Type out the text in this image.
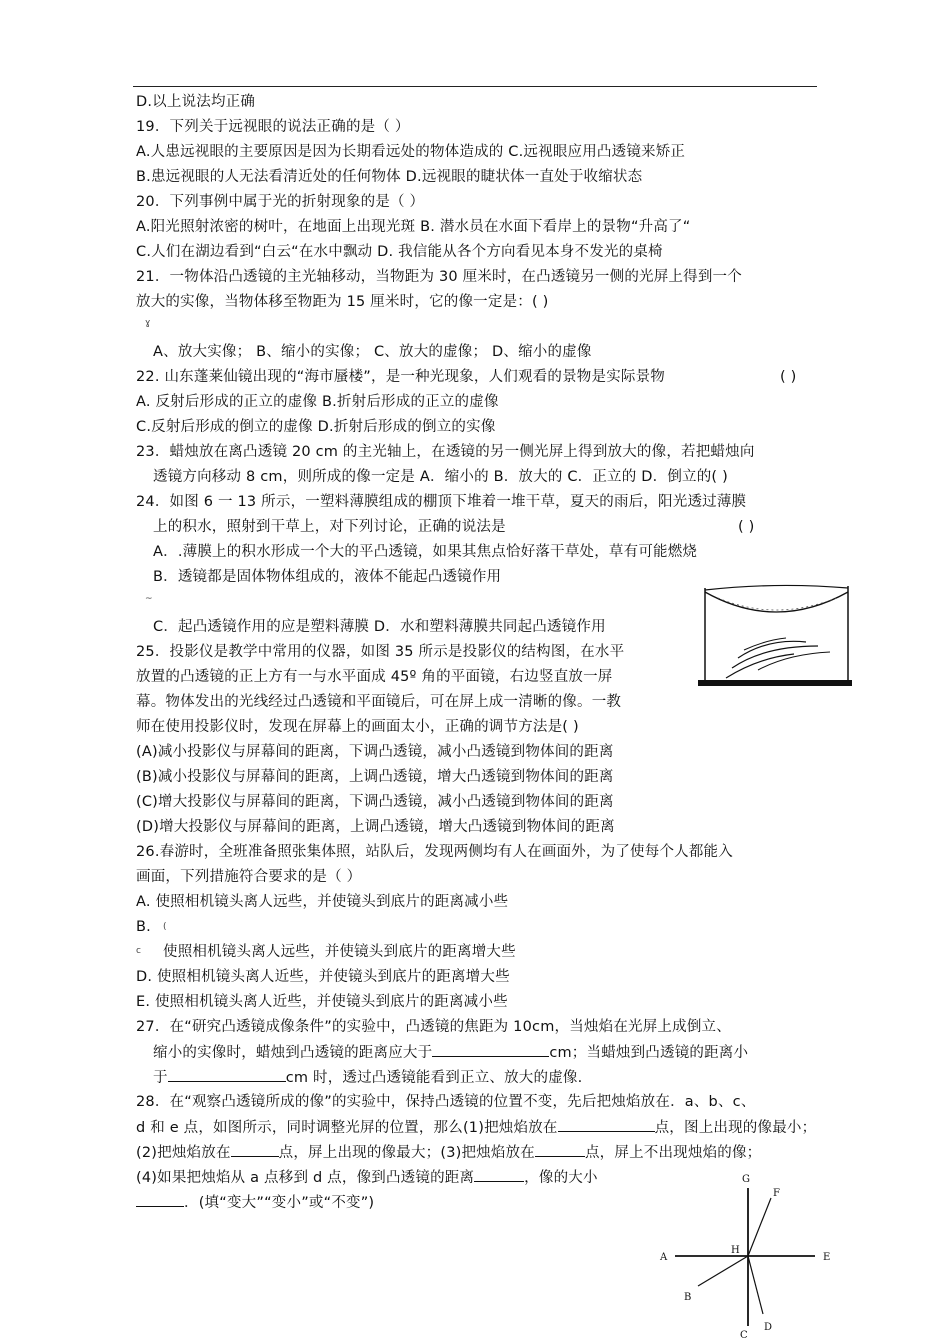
D.以上说法均正确
19．下列关于远视眼的说法正确的是（ ）
A.人患远视眼的主要原因是因为长期看远处的物体造成的 C.远视眼应用凸透镜来矫正
B.患远视眼的人无法看清近处的任何物体 D.远视眼的睫状体一直处于收缩状态
20．下列事例中属于光的折射现象的是（ ）
A.阳光照射浓密的树叶，在地面上出现光斑 B. 潜水员在水面下看岸上的景物“升高了“
C.人们在湖边看到“白云“在水中飘动 D. 我信能从各个方向看见本身不发光的桌椅
21．一物体沿凸透镜的主光轴移动，当物距为 30 厘米时，在凸透镜另一侧的光屏上得到一个
放大的实像，当物体移至物距为 15 厘米时，它的像一定是：( )
ɣ
A、放大实像； B、缩小的实像； C、放大的虚像； D、缩小的虚像
22. 山东蓬莱仙镜出现的“海市蜃楼”，是一种光现象，人们观看的景物是实际景物	( )
A. 反射后形成的正立的虚像 B.折射后形成的正立的虚像
C.反射后形成的倒立的虚像 D.折射后形成的倒立的实像
23．蜡烛放在离凸透镜 20 cm 的主光轴上，在透镜的另一侧光屏上得到放大的像，若把蜡烛向
透镜方向移动 8 cm，则所成的像一定是 A．缩小的 B．放大的 C．正立的 D．倒立的( )
24．如图 6 一 13 所示，一塑料薄膜组成的棚顶下堆着一堆干草，夏天的雨后，阳光透过薄膜
上的积水，照射到干草上，对下列讨论，正确的说法是	( )
A．.薄膜上的积水形成一个大的平凸透镜，如果其焦点恰好落干草处，草有可能燃烧
B．透镜都是固体物体组成的，液体不能起凸透镜作用
~
C．起凸透镜作用的应是塑料薄膜 D．水和塑料薄膜共同起凸透镜作用
25．投影仪是教学中常用的仪器，如图 35 所示是投影仪的结构图，在水平
放置的凸透镜的正上方有一与水平面成 45º 角的平面镜，右边竖直放一屏
幕。物体发出的光线经过凸透镜和平面镜后，可在屏上成一清晰的像。一教
师在使用投影仪时，发现在屏幕上的画面太小，正确的调节方法是( )
(A)减小投影仪与屏幕间的距离，下调凸透镜，减小凸透镜到物体间的距离
(B)减小投影仪与屏幕间的距离，上调凸透镜，增大凸透镜到物体间的距离
(C)增大投影仪与屏幕间的距离，下调凸透镜，减小凸透镜到物体间的距离
(D)增大投影仪与屏幕间的距离，上调凸透镜，增大凸透镜到物体间的距离
26.春游时，全班准备照张集体照，站队后，发现两侧均有人在画面外，为了使每个人都能入
画面，下列措施符合要求的是（ ）
A. 使照相机镜头离人远些，并使镜头到底片的距离减小些
B. (
c 使照相机镜头离人远些，并使镜头到底片的距离增大些
D. 使照相机镜头离人近些，并使镜头到底片的距离增大些
E. 使照相机镜头离人近些，并使镜头到底片的距离减小些
27．在“研究凸透镜成像条件”的实验中，凸透镜的焦距为 10cm，当烛焰在光屏上成倒立、
缩小的实像时，蜡烛到凸透镜的距离应大于	cm；当蜡烛到凸透镜的距离小
于	cm 时，透过凸透镜能看到正立、放大的虚像.
28．在“观察凸透镜所成的像”的实验中，保持凸透镜的位置不变，先后把烛焰放在．a、b、c、
d 和 e 点，如图所示，同时调整光屏的位置，那么(1)把烛焰放在	点，图上出现的像最小；
(2)把烛焰放在	点，屏上出现的像最大；(3)把烛焰放在	点，屏上不出现烛焰的像；
(4)如果把烛焰从 a 点移到 d 点，像到凸透镜的距离	，像的大小
．(填“变大”“变小”或“不变”)
G
F
A
H
E
B
C
D
